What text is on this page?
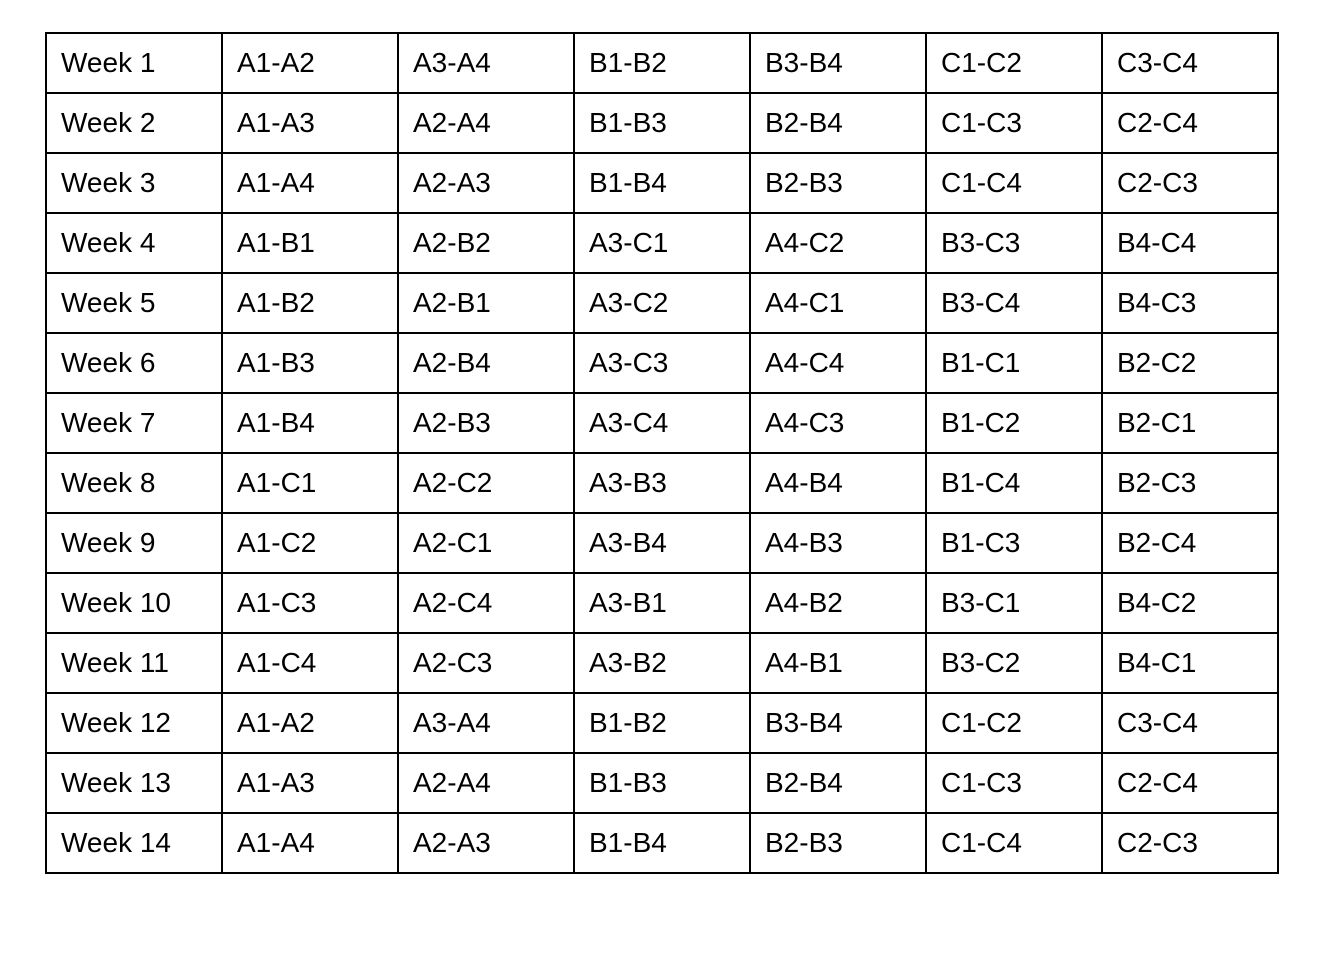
Week 1	A1-A2	A3-A4	B1-B2	B3-B4	C1-C2	C3-C4
Week 2	A1-A3	A2-A4	B1-B3	B2-B4	C1-C3	C2-C4
Week 3	A1-A4	A2-A3	B1-B4	B2-B3	C1-C4	C2-C3
Week 4	A1-B1	A2-B2	A3-C1	A4-C2	B3-C3	B4-C4
Week 5	A1-B2	A2-B1	A3-C2	A4-C1	B3-C4	B4-C3
Week 6	A1-B3	A2-B4	A3-C3	A4-C4	B1-C1	B2-C2
Week 7	A1-B4	A2-B3	A3-C4	A4-C3	B1-C2	B2-C1
Week 8	A1-C1	A2-C2	A3-B3	A4-B4	B1-C4	B2-C3
Week 9	A1-C2	A2-C1	A3-B4	A4-B3	B1-C3	B2-C4
Week 10	A1-C3	A2-C4	A3-B1	A4-B2	B3-C1	B4-C2
Week 11	A1-C4	A2-C3	A3-B2	A4-B1	B3-C2	B4-C1
Week 12	A1-A2	A3-A4	B1-B2	B3-B4	C1-C2	C3-C4
Week 13	A1-A3	A2-A4	B1-B3	B2-B4	C1-C3	C2-C4
Week 14	A1-A4	A2-A3	B1-B4	B2-B3	C1-C4	C2-C3
